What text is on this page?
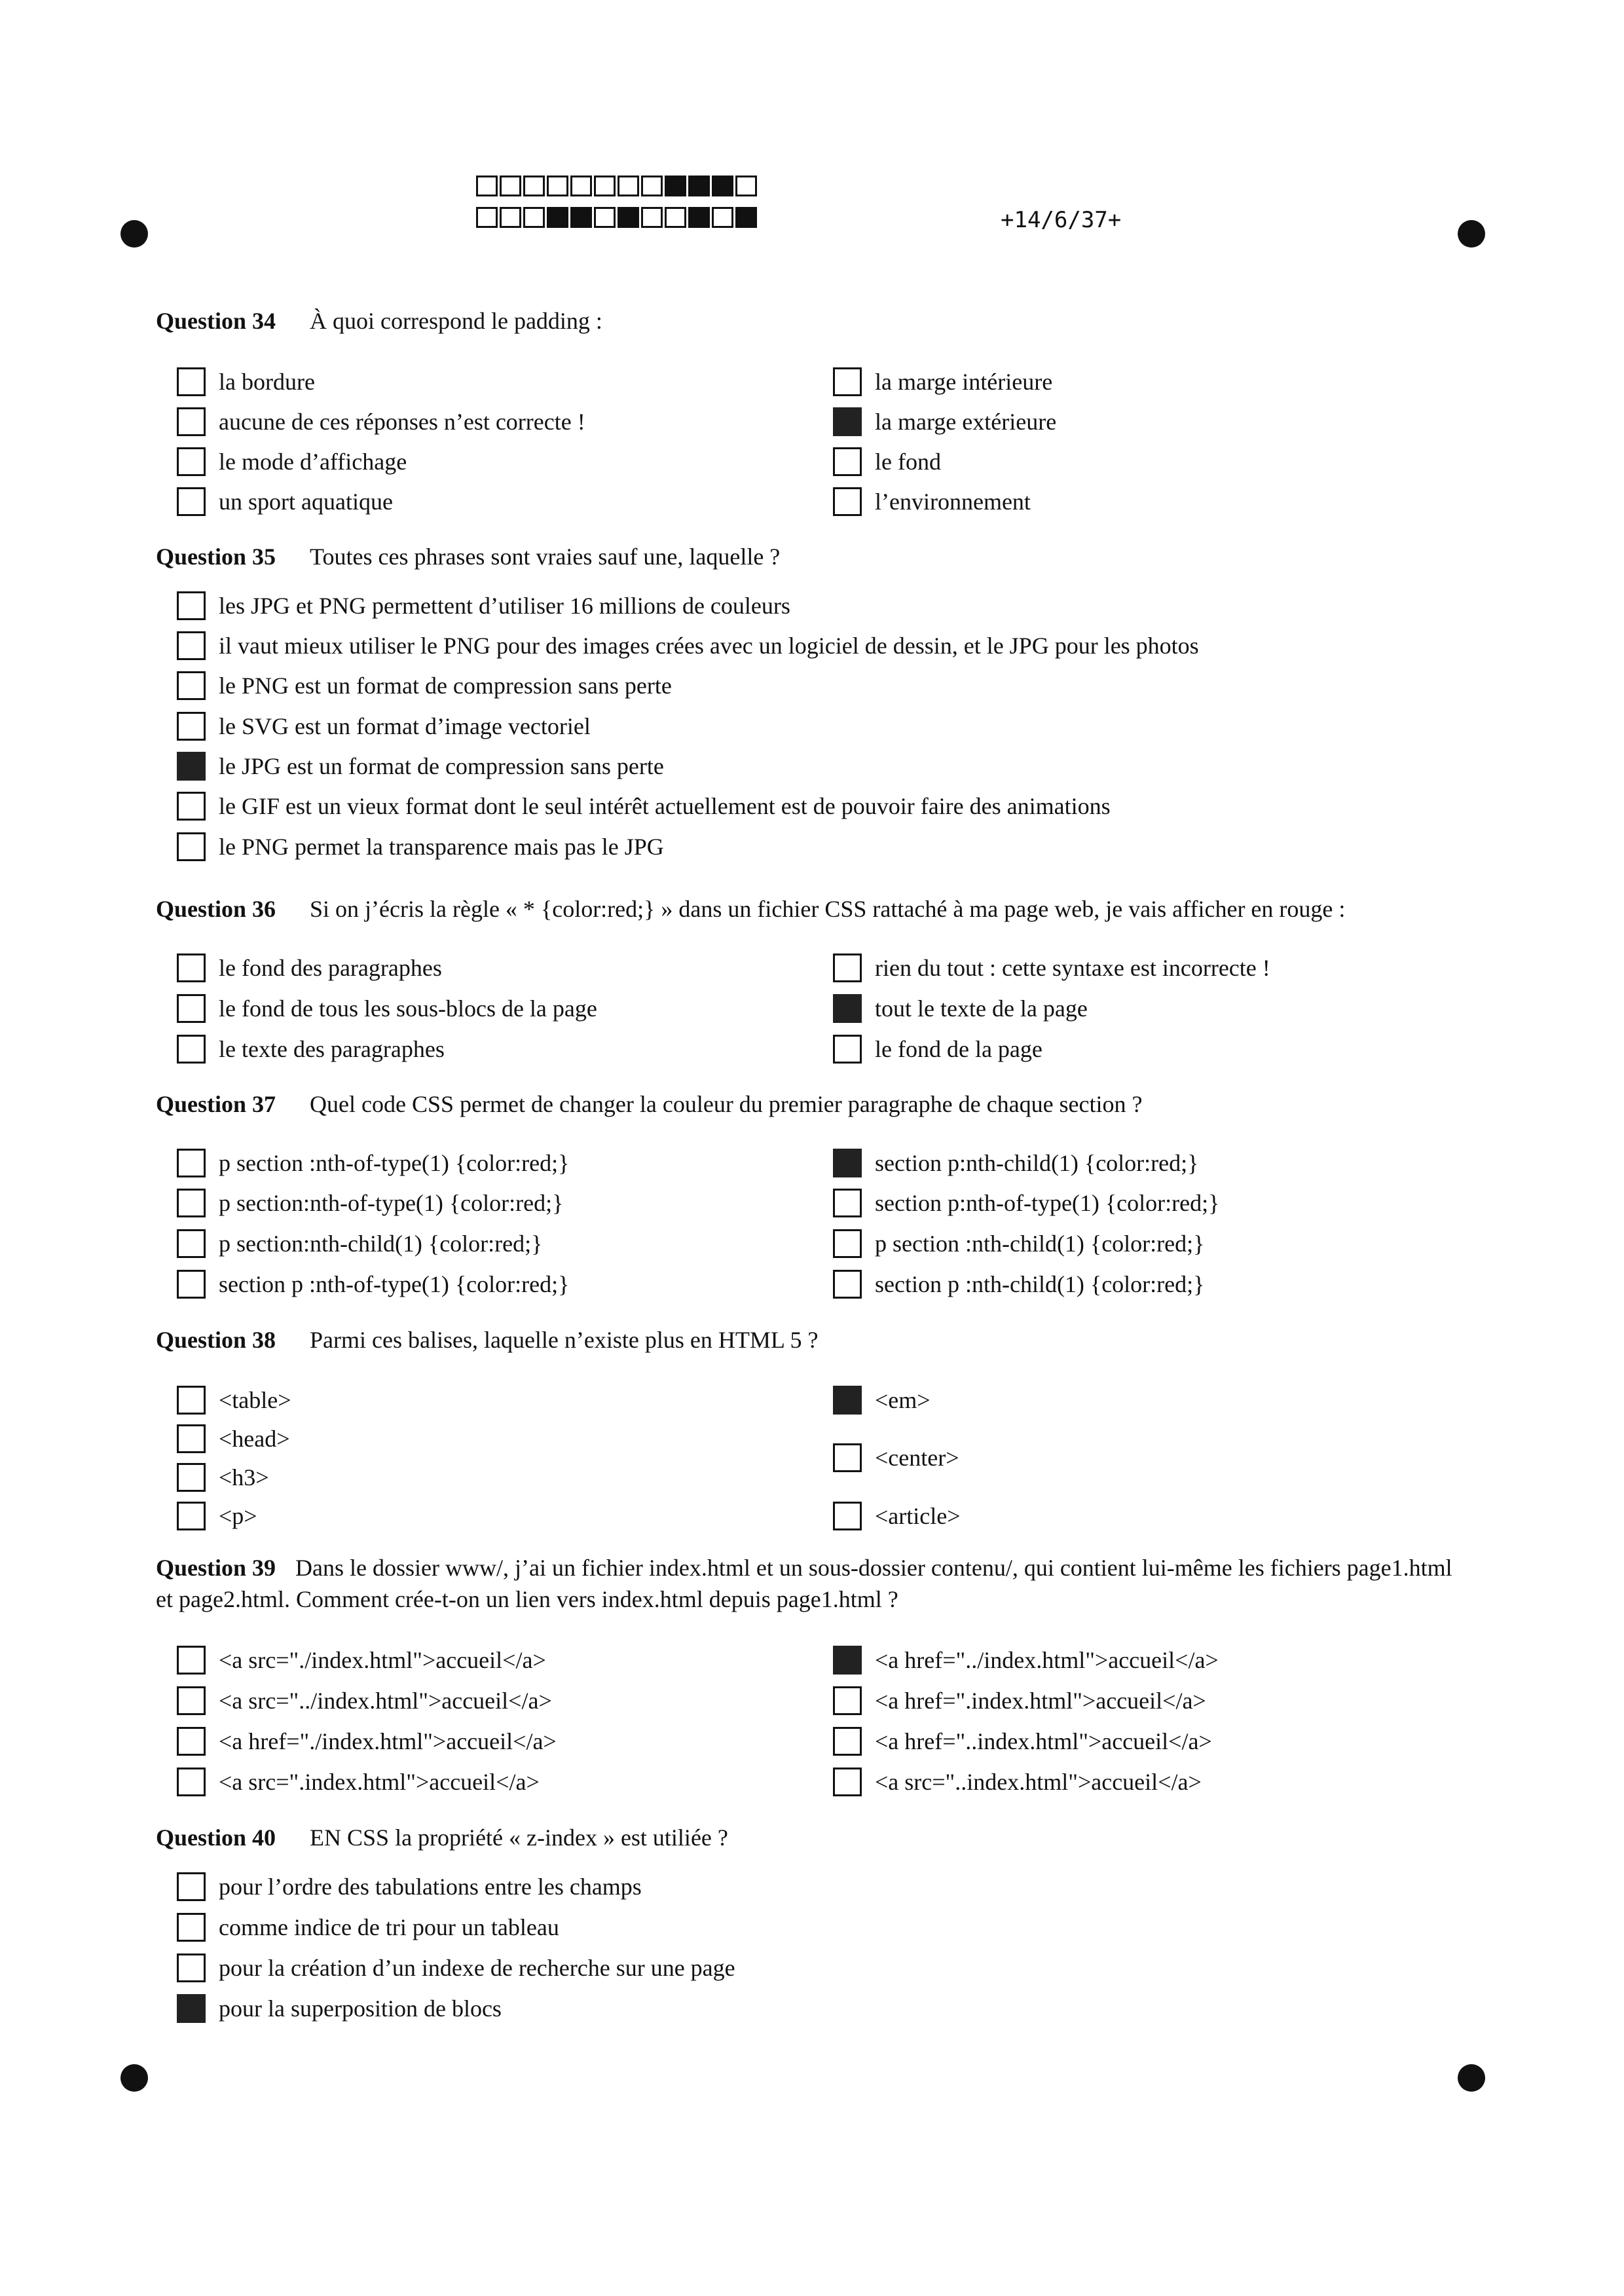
+14/6/37+
Question 34 À quoi correspond le padding :
la bordure
aucune de ces réponses n’est correcte !
le mode d’affichage
un sport aquatique
la marge intérieure
la marge extérieure
le fond
l’environnement
Question 35 Toutes ces phrases sont vraies sauf une, laquelle ?
les JPG et PNG permettent d’utiliser 16 millions de couleurs
il vaut mieux utiliser le PNG pour des images crées avec un logiciel de dessin, et le JPG pour les photos
le PNG est un format de compression sans perte
le SVG est un format d’image vectoriel
le JPG est un format de compression sans perte
le GIF est un vieux format dont le seul intérêt actuellement est de pouvoir faire des animations
le PNG permet la transparence mais pas le JPG
Question 36 Si on j’écris la règle « * {color:red;} » dans un fichier CSS rattaché à ma page web, je vais afficher en rouge :
le fond des paragraphes
le fond de tous les sous-blocs de la page
le texte des paragraphes
rien du tout : cette syntaxe est incorrecte !
tout le texte de la page
le fond de la page
Question 37 Quel code CSS permet de changer la couleur du premier paragraphe de chaque section ?
p section :nth-of-type(1) {color:red;}
p section:nth-of-type(1) {color:red;}
p section:nth-child(1) {color:red;}
section p :nth-of-type(1) {color:red;}
section p:nth-child(1) {color:red;}
section p:nth-of-type(1) {color:red;}
p section :nth-child(1) {color:red;}
section p :nth-child(1) {color:red;}
Question 38 Parmi ces balises, laquelle n’existe plus en HTML 5 ?
<table>
<head>
<h3>
<p>
<em>
<center>
<article>
Question 39 Dans le dossier www/, j’ai un fichier index.html et un sous-dossier contenu/, qui contient lui-même les fichiers page1.html et page2.html. Comment crée-t-on un lien vers index.html depuis page1.html ?
<a src="./index.html">accueil</a>
<a src="../index.html">accueil</a>
<a href="./index.html">accueil</a>
<a src=".index.html">accueil</a>
<a href="../index.html">accueil</a>
<a href=".index.html">accueil</a>
<a href="..index.html">accueil</a>
<a src="..index.html">accueil</a>
Question 40 EN CSS la propriété « z-index » est utiliée ?
pour l’ordre des tabulations entre les champs
comme indice de tri pour un tableau
pour la création d’un indexe de recherche sur une page
pour la superposition de blocs
